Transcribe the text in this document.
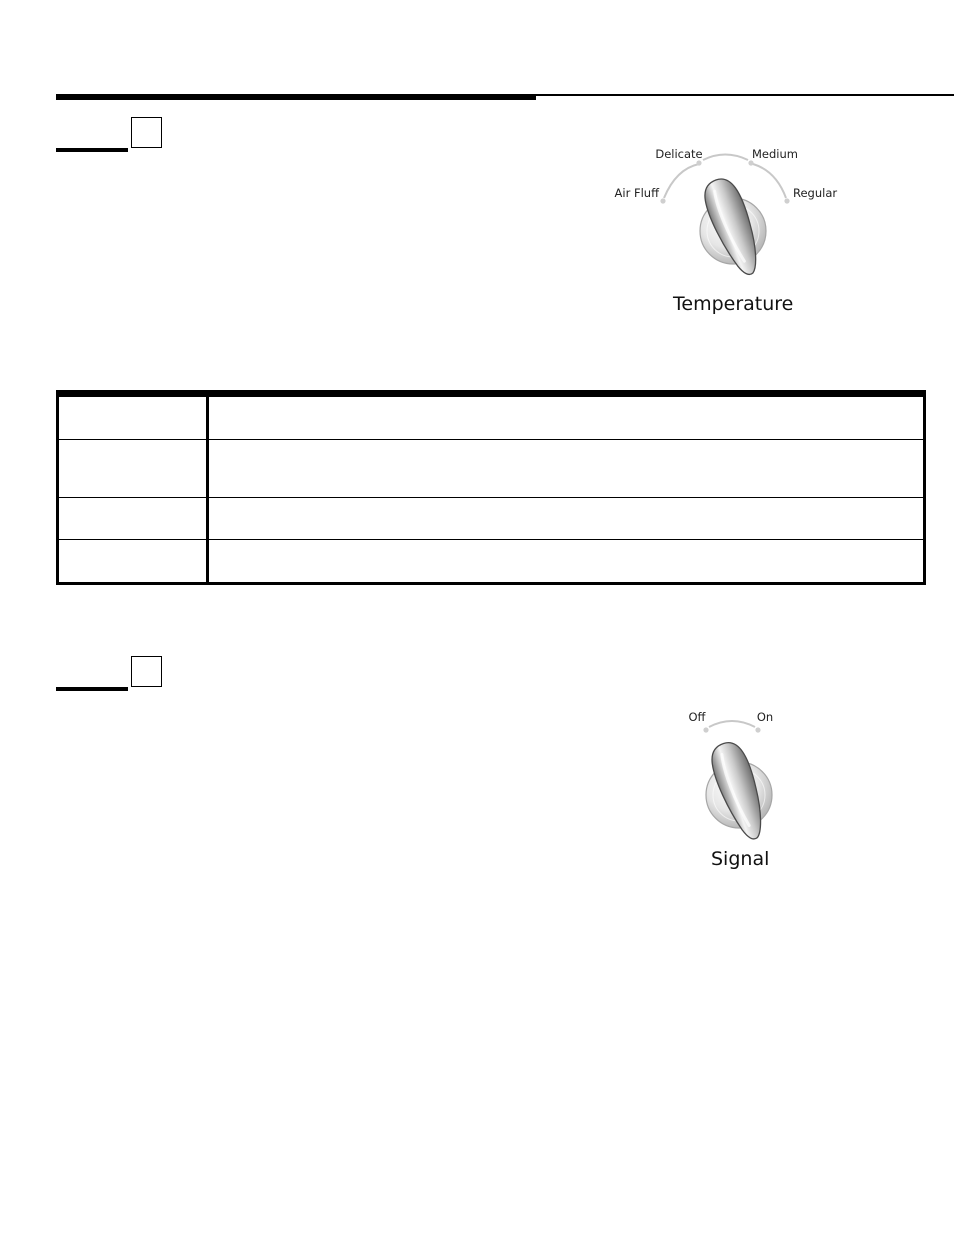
Air Fluff
Delicate	Medium
Regular
Temperature

Off	On
Signal
